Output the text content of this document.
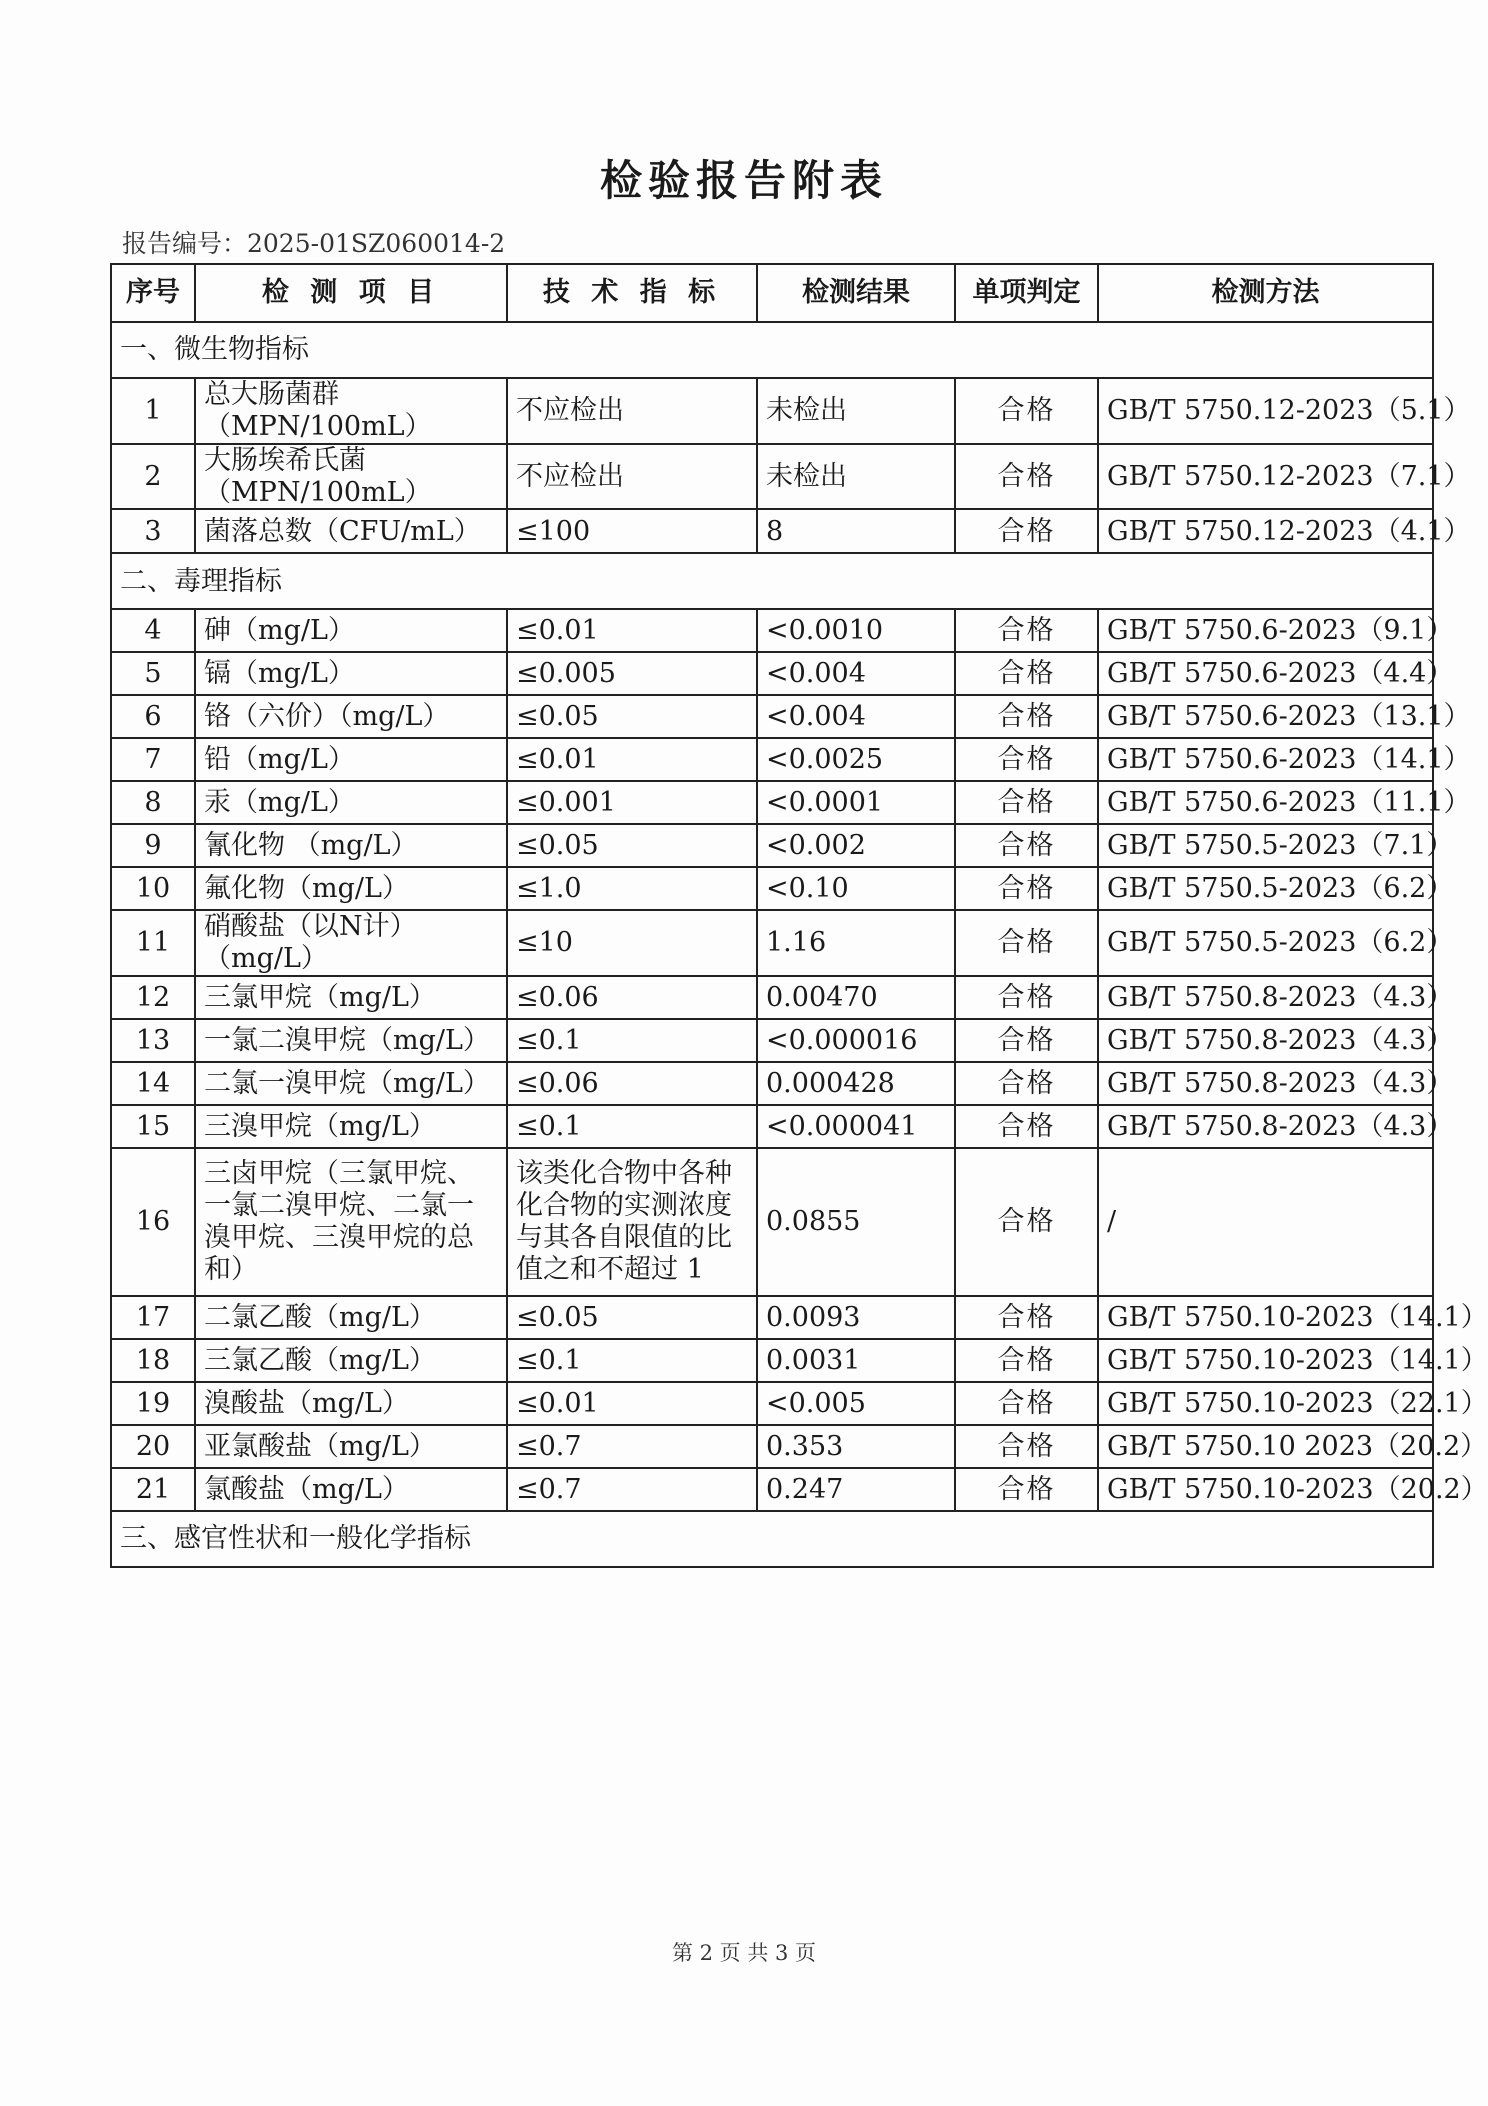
检验报告附表
报告编号：2025-01SZ060014-2
序号	检 测 项 目	技 术 指 标	检测结果	单项判定	检测方法
一、微生物指标					
1	总大肠菌群（MPN/100mL）	不应检出	未检出	合格	GB/T 5750.12-2023（5.1）
2	大肠埃希氏菌（MPN/100mL）	不应检出	未检出	合格	GB/T 5750.12-2023（7.1）
3	菌落总数（CFU/mL）	≤100	8	合格	GB/T 5750.12-2023（4.1）
二、毒理指标					
4	砷（mg/L）	≤0.01	<0.0010	合格	GB/T 5750.6-2023（9.1）
5	镉（mg/L）	≤0.005	<0.004	合格	GB/T 5750.6-2023（4.4）
6	铬（六价）（mg/L）	≤0.05	<0.004	合格	GB/T 5750.6-2023（13.1）
7	铅（mg/L）	≤0.01	<0.0025	合格	GB/T 5750.6-2023（14.1）
8	汞（mg/L）	≤0.001	<0.0001	合格	GB/T 5750.6-2023（11.1）
9	氰化物 （mg/L）	≤0.05	<0.002	合格	GB/T 5750.5-2023（7.1）
10	氟化物（mg/L）	≤1.0	<0.10	合格	GB/T 5750.5-2023（6.2）
11	硝酸盐（以N计）（mg/L）	≤10	1.16	合格	GB/T 5750.5-2023（6.2）
12	三氯甲烷（mg/L）	≤0.06	0.00470	合格	GB/T 5750.8-2023（4.3）
13	一氯二溴甲烷（mg/L）	≤0.1	<0.000016	合格	GB/T 5750.8-2023（4.3）
14	二氯一溴甲烷（mg/L）	≤0.06	0.000428	合格	GB/T 5750.8-2023（4.3）
15	三溴甲烷（mg/L）	≤0.1	<0.000041	合格	GB/T 5750.8-2023（4.3）
16	三卤甲烷（三氯甲烷、一氯二溴甲烷、二氯一溴甲烷、三溴甲烷的总和）	该类化合物中各种化合物的实测浓度与其各自限值的比值之和不超过 1	0.0855	合格	/
17	二氯乙酸（mg/L）	≤0.05	0.0093	合格	GB/T 5750.10-2023（14.1）
18	三氯乙酸（mg/L）	≤0.1	0.0031	合格	GB/T 5750.10-2023（14.1）
19	溴酸盐（mg/L）	≤0.01	<0.005	合格	GB/T 5750.10-2023（22.1）
20	亚氯酸盐（mg/L）	≤0.7	0.353	合格	GB/T 5750.10 2023（20.2）
21	氯酸盐（mg/L）	≤0.7	0.247	合格	GB/T 5750.10-2023（20.2）
三、感官性状和一般化学指标					
第 2 页 共 3 页
